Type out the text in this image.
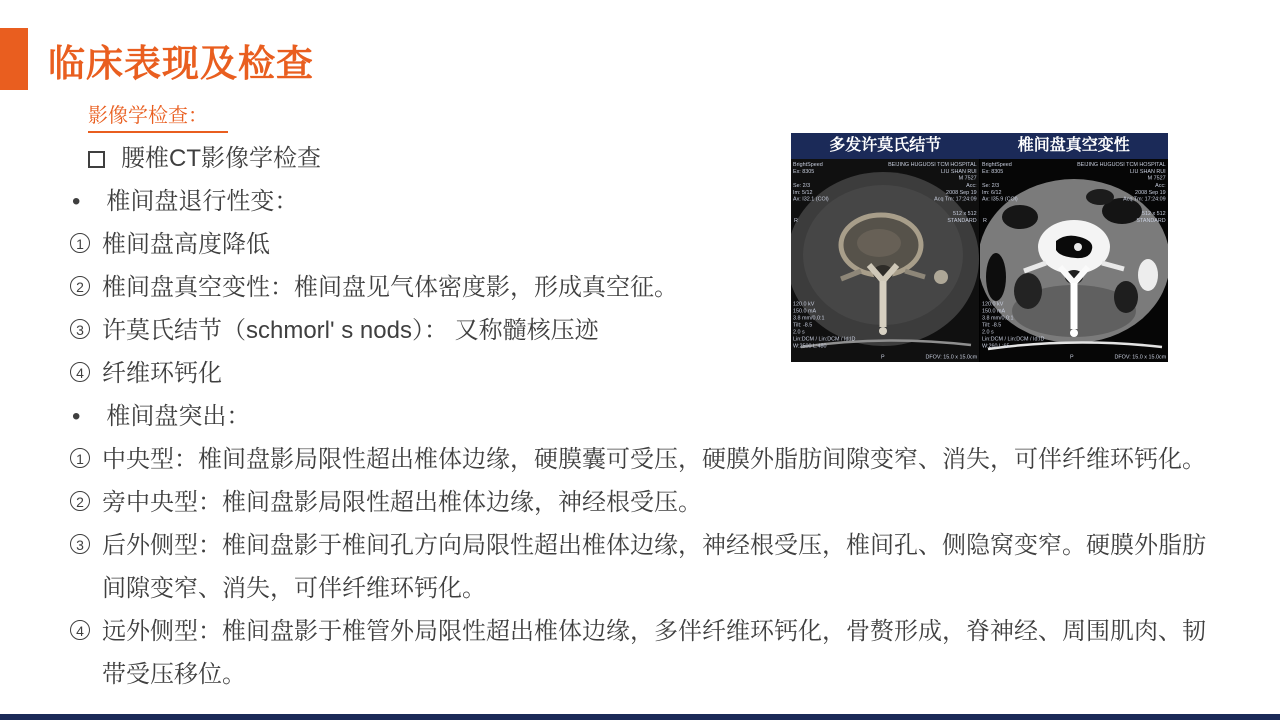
临床表现及检查
影像学检查：
腰椎CT影像学检查
• 椎间盘退行性变：
1 椎间盘高度降低
2 椎间盘真空变性：椎间盘见气体密度影，形成真空征。
3 许莫氏结节（schmorl' s nods）： 又称髓核压迹
4 纤维环钙化
• 椎间盘突出：
1 中央型：椎间盘影局限性超出椎体边缘，硬膜囊可受压，硬膜外脂肪间隙变窄、消失，可伴纤维环钙化。
2 旁中央型：椎间盘影局限性超出椎体边缘，神经根受压。
3 后外侧型：椎间盘影于椎间孔方向局限性超出椎体边缘，神经根受压，椎间孔、侧隐窝变窄。硬膜外脂肪间隙变窄、消失，可伴纤维环钙化。
4 远外侧型：椎间盘影于椎管外局限性超出椎体边缘，多伴纤维环钙化，骨赘形成，脊神经、周围肌肉、韧带受压移位。
多发许莫氏结节	椎间盘真空变性
BrightSpeed
Ex: 8305

Se: 2/3
Im: 5/12
Ax: I32.1 (COl)
BEIJING HUGUOSI TCM HOSPITAL
LIU SHAN RUI
M 7527
Acc:
2008 Sep 19
Acq Tm: 17:24:09

512 x 512
STANDARD
R
120.0 kV
150.0 mA
3.8 mm/0.0:1
Tilt: -8.5
2.0 s
Lin:DCM / Lin:DCM / Id:ID
W:2500 L:480
P	DFOV: 15.0 x 15.0cm
BrightSpeed
Ex: 8305

Se: 2/3
Im: 6/12
Ax: I35.9 (COl)
BEIJING HUGUOSI TCM HOSPITAL
LIU SHAN RUI
M 7527
Acc:
2008 Sep 19
Acq Tm: 17:24:09

512 x 512
STANDARD
R
120.0 kV
150.0 mA
3.8 mm/0.0:1
Tilt: -8.5
2.0 s
Lin:DCM / Lin:DCM / Id:ID
W:260 L:65
P	DFOV: 15.0 x 15.0cm
